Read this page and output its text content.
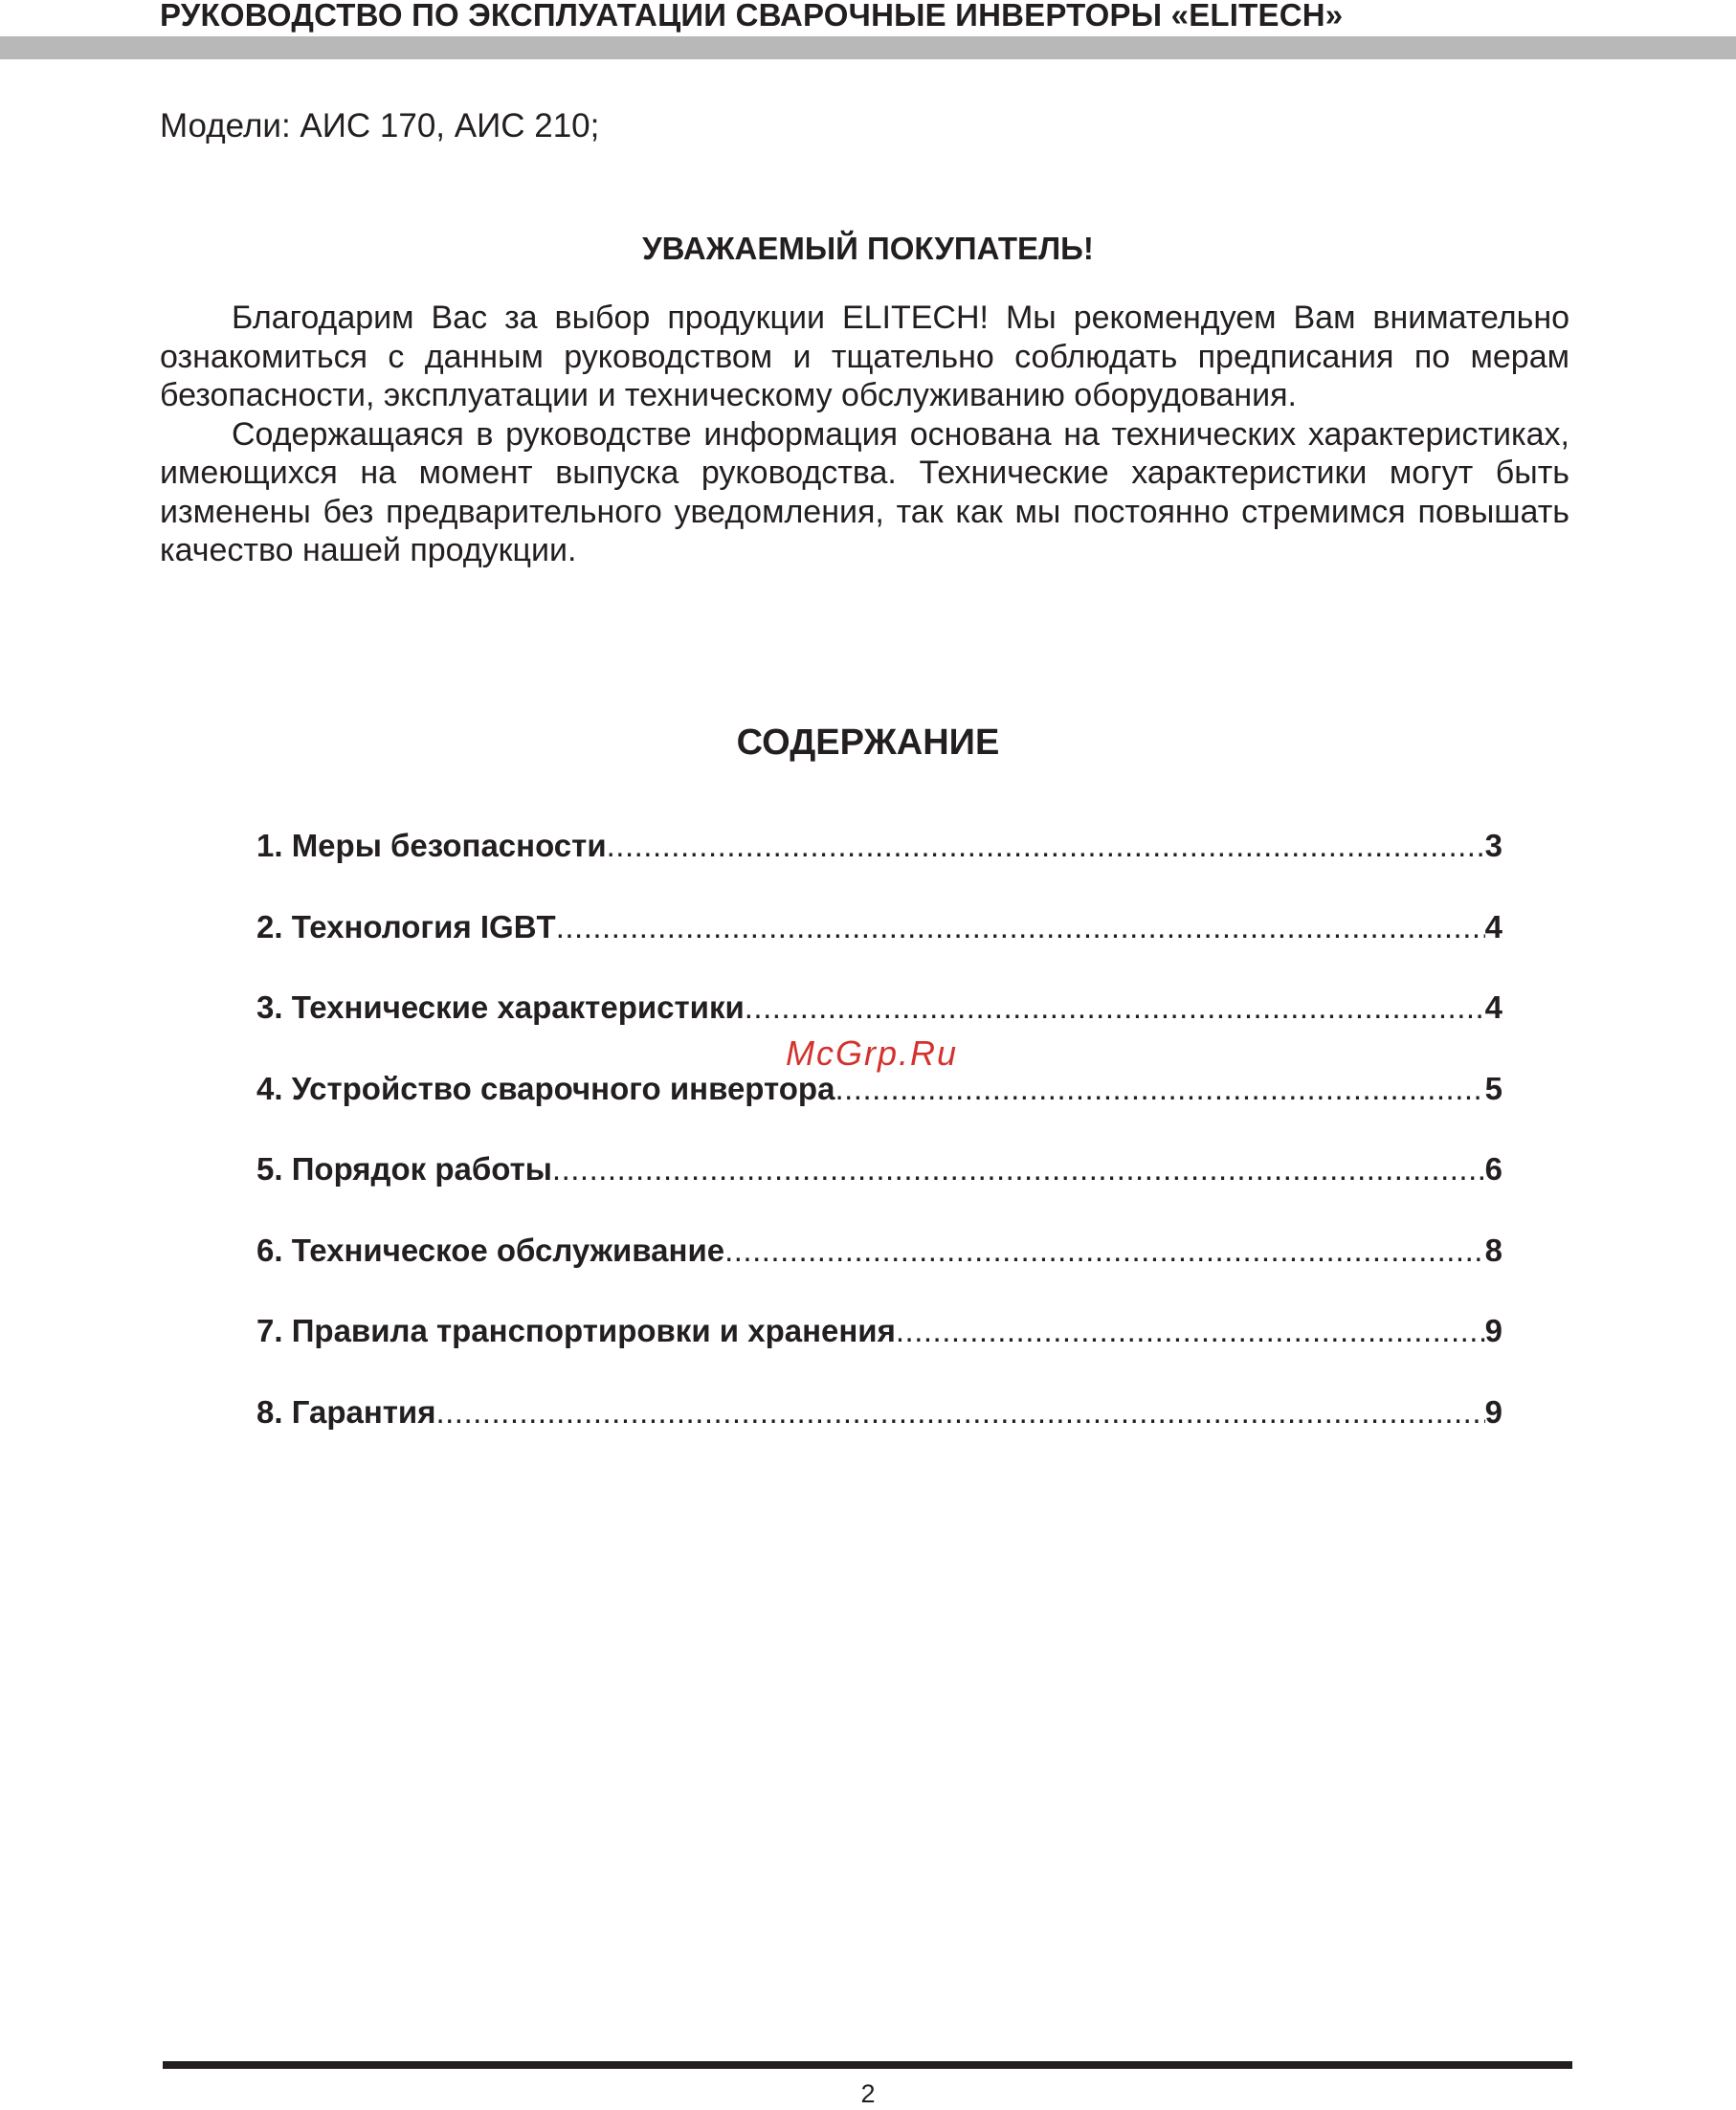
РУКОВОДСТВО ПО ЭКСПЛУАТАЦИИ СВАРОЧНЫЕ ИНВЕРТОРЫ «ELITECH»
Модели: АИС 170, АИС 210;
УВАЖАЕМЫЙ ПОКУПАТЕЛЬ!

Благодарим Вас за выбор продукции ELITECH! Мы рекомендуем Вам внимательно ознакомиться с данным руководством и тщательно соблюдать предписания по мерам безопасности, эксплуатации и техническому обслуживанию оборудования.

Содержащаяся в руководстве информация основана на технических характеристиках, имеющихся на момент выпуска руководства. Технические характеристики могут быть изменены без предварительного уведомления, так как мы постоянно стремимся повышать качество нашей продукции.

СОДЕРЖАНИЕ
1. Меры безопасности .....	3
2. Технология IGBT .....	4
3. Технические характеристики .....	4
4. Устройство сварочного инвертора .....	5
5. Порядок работы .....	6
6. Техническое обслуживание .....	8
7. Правила транспортировки и хранения .....	9
8. Гарантия .....	9
McGrp.Ru
2
